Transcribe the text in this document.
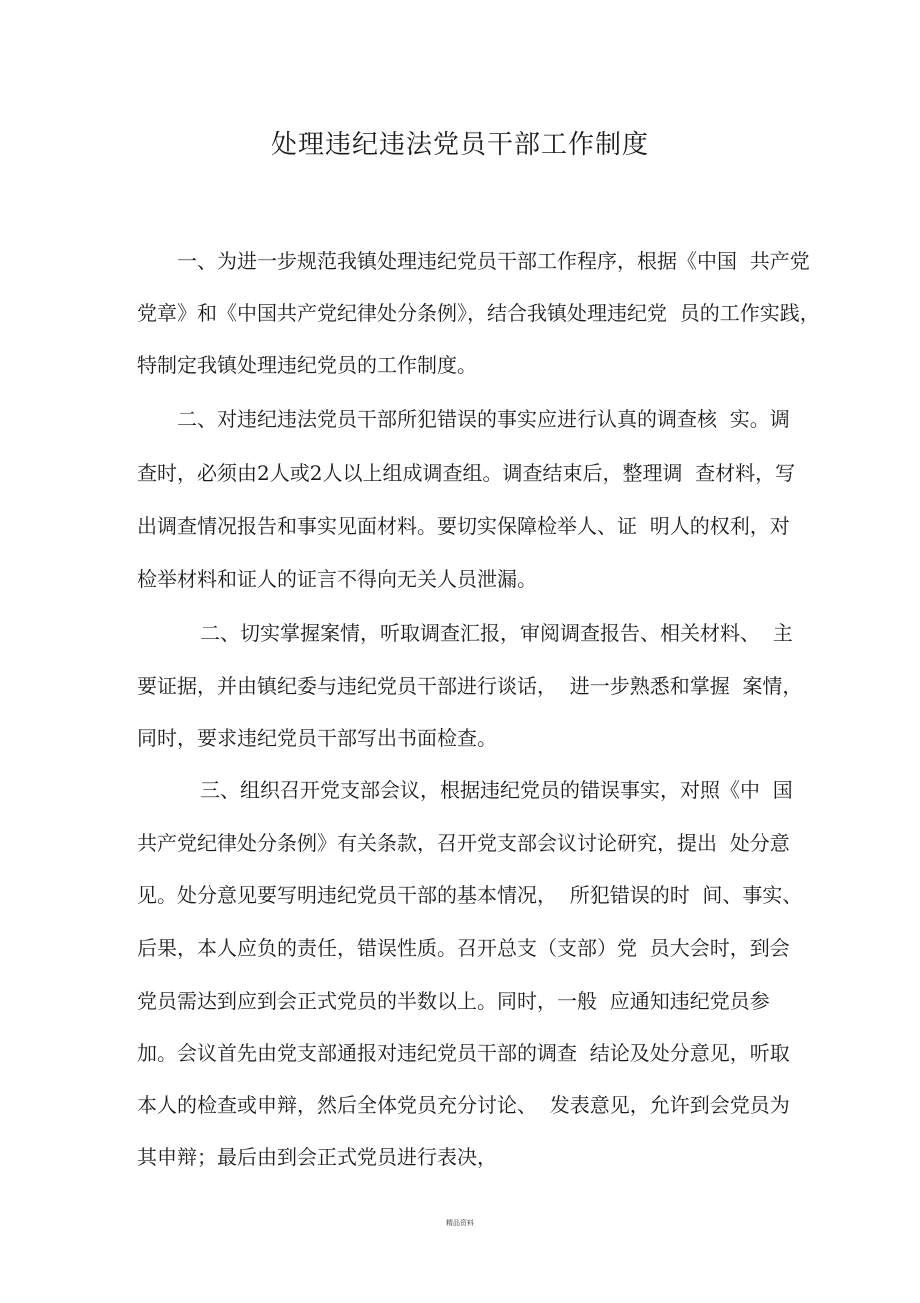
处理违纪违法党员干部工作制度
一、为进一步规范我镇处理违纪党员干部工作程序，根据《中国  共产党
党章》和《中国共产党纪律处分条例》，结合我镇处理违纪党  员的工作实践，
特制定我镇处理违纪党员的工作制度。
二、对违纪违法党员干部所犯错误的事实应进行认真的调查核  实。调
查时，必须由2人或2人以上组成调查组。调查结束后，整理调  查材料，写
出调查情况报告和事实见面材料。要切实保障检举人、证  明人的权利，对
检举材料和证人的证言不得向无关人员泄漏。
二、切实掌握案情，听取调查汇报，审阅调查报告、相关材料、  主
要证据，并由镇纪委与违纪党员干部进行谈话，  进一步熟悉和掌握  案情，
同时，要求违纪党员干部写出书面检查。
三、组织召开党支部会议，根据违纪党员的错误事实，对照《中  国
共产党纪律处分条例》有关条款，召开党支部会议讨论研究，提出  处分意
见。处分意见要写明违纪党员干部的基本情况，  所犯错误的时  间、事实、
后果，本人应负的责任，错误性质。召开总支（支部）党  员大会时，到会
党员需达到应到会正式党员的半数以上。同时，一般  应通知违纪党员参
加。会议首先由党支部通报对违纪党员干部的调查  结论及处分意见，听取
本人的检查或申辩，然后全体党员充分讨论、  发表意见，允许到会党员为
其申辩；最后由到会正式党员进行表决，
精品资料
